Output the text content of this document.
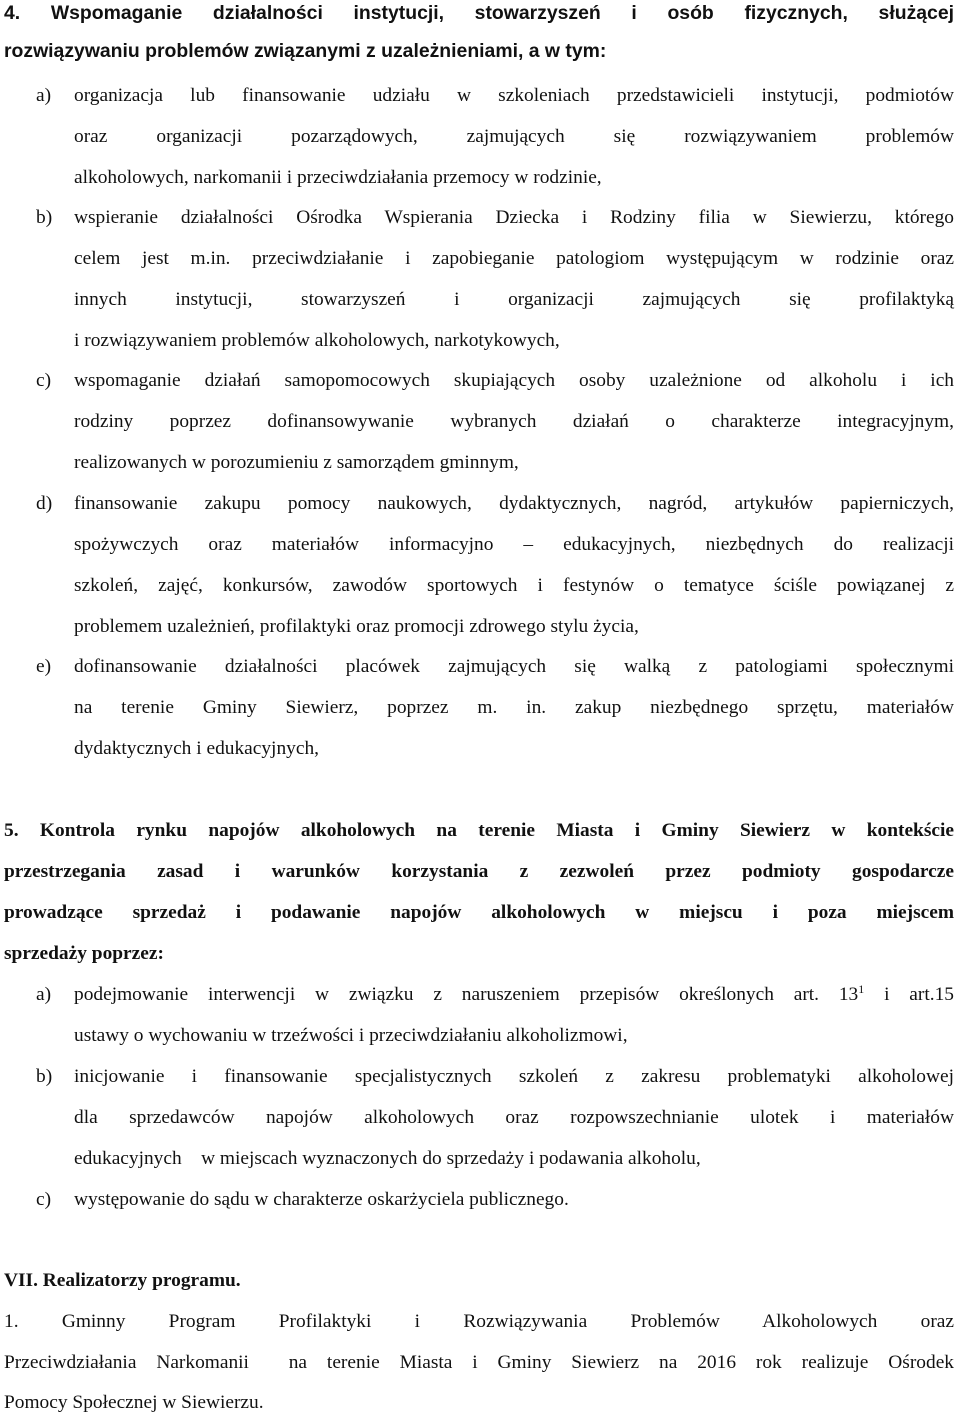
4. Wspomaganie działalności instytucji, stowarzyszeń i osób fizycznych, służącej
rozwiązywaniu problemów związanymi z uzależnieniami, a w tym:
a) organizacja lub finansowanie udziału w szkoleniach przedstawicieli instytucji, podmiotów
oraz organizacji pozarządowych, zajmujących się rozwiązywaniem problemów
alkoholowych, narkomanii i przeciwdziałania przemocy w rodzinie,
b) wspieranie działalności Ośrodka Wspierania Dziecka i Rodziny filia w Siewierzu, którego
celem jest m.in. przeciwdziałanie i zapobieganie patologiom występującym w rodzinie oraz
innych instytucji, stowarzyszeń i organizacji zajmujących się profilaktyką
i rozwiązywaniem problemów alkoholowych, narkotykowych,
c) wspomaganie działań samopomocowych skupiających osoby uzależnione od alkoholu i ich
rodziny poprzez dofinansowywanie wybranych działań o charakterze integracyjnym,
realizowanych w porozumieniu z samorządem gminnym,
d) finansowanie zakupu pomocy naukowych, dydaktycznych, nagród, artykułów papierniczych,
spożywczych oraz materiałów informacyjno – edukacyjnych, niezbędnych do realizacji
szkoleń, zajęć, konkursów, zawodów sportowych i festynów o tematyce ściśle powiązanej z
problemem uzależnień, profilaktyki oraz promocji zdrowego stylu życia,
e) dofinansowanie działalności placówek zajmujących się walką z patologiami społecznymi
na terenie Gminy Siewierz, poprzez m. in. zakup niezbędnego sprzętu, materiałów
dydaktycznych i edukacyjnych,
5. Kontrola rynku napojów alkoholowych na terenie Miasta i Gminy Siewierz w kontekście
przestrzegania zasad i warunków korzystania z zezwoleń przez podmioty gospodarcze
prowadzące sprzedaż i podawanie napojów alkoholowych w miejscu i poza miejscem
sprzedaży poprzez:
a) podejmowanie interwencji w związku z naruszeniem przepisów określonych art. $13^1$ i art.15
ustawy o wychowaniu w trzeźwości i przeciwdziałaniu alkoholizmowi,
b) inicjowanie i finansowanie specjalistycznych szkoleń z zakresu problematyki alkoholowej
dla sprzedawców napojów alkoholowych oraz rozpowszechnianie ulotek i materiałów
edukacyjnych    w miejscach wyznaczonych do sprzedaży i podawania alkoholu,
c) występowanie do sądu w charakterze oskarżyciela publicznego.
VII. Realizatorzy programu.
1. Gminny Program Profilaktyki i Rozwiązywania Problemów Alkoholowych oraz
Przeciwdziałania Narkomanii  na terenie Miasta i Gminy Siewierz na 2016 rok realizuje Ośrodek
Pomocy Społecznej w Siewierzu.
